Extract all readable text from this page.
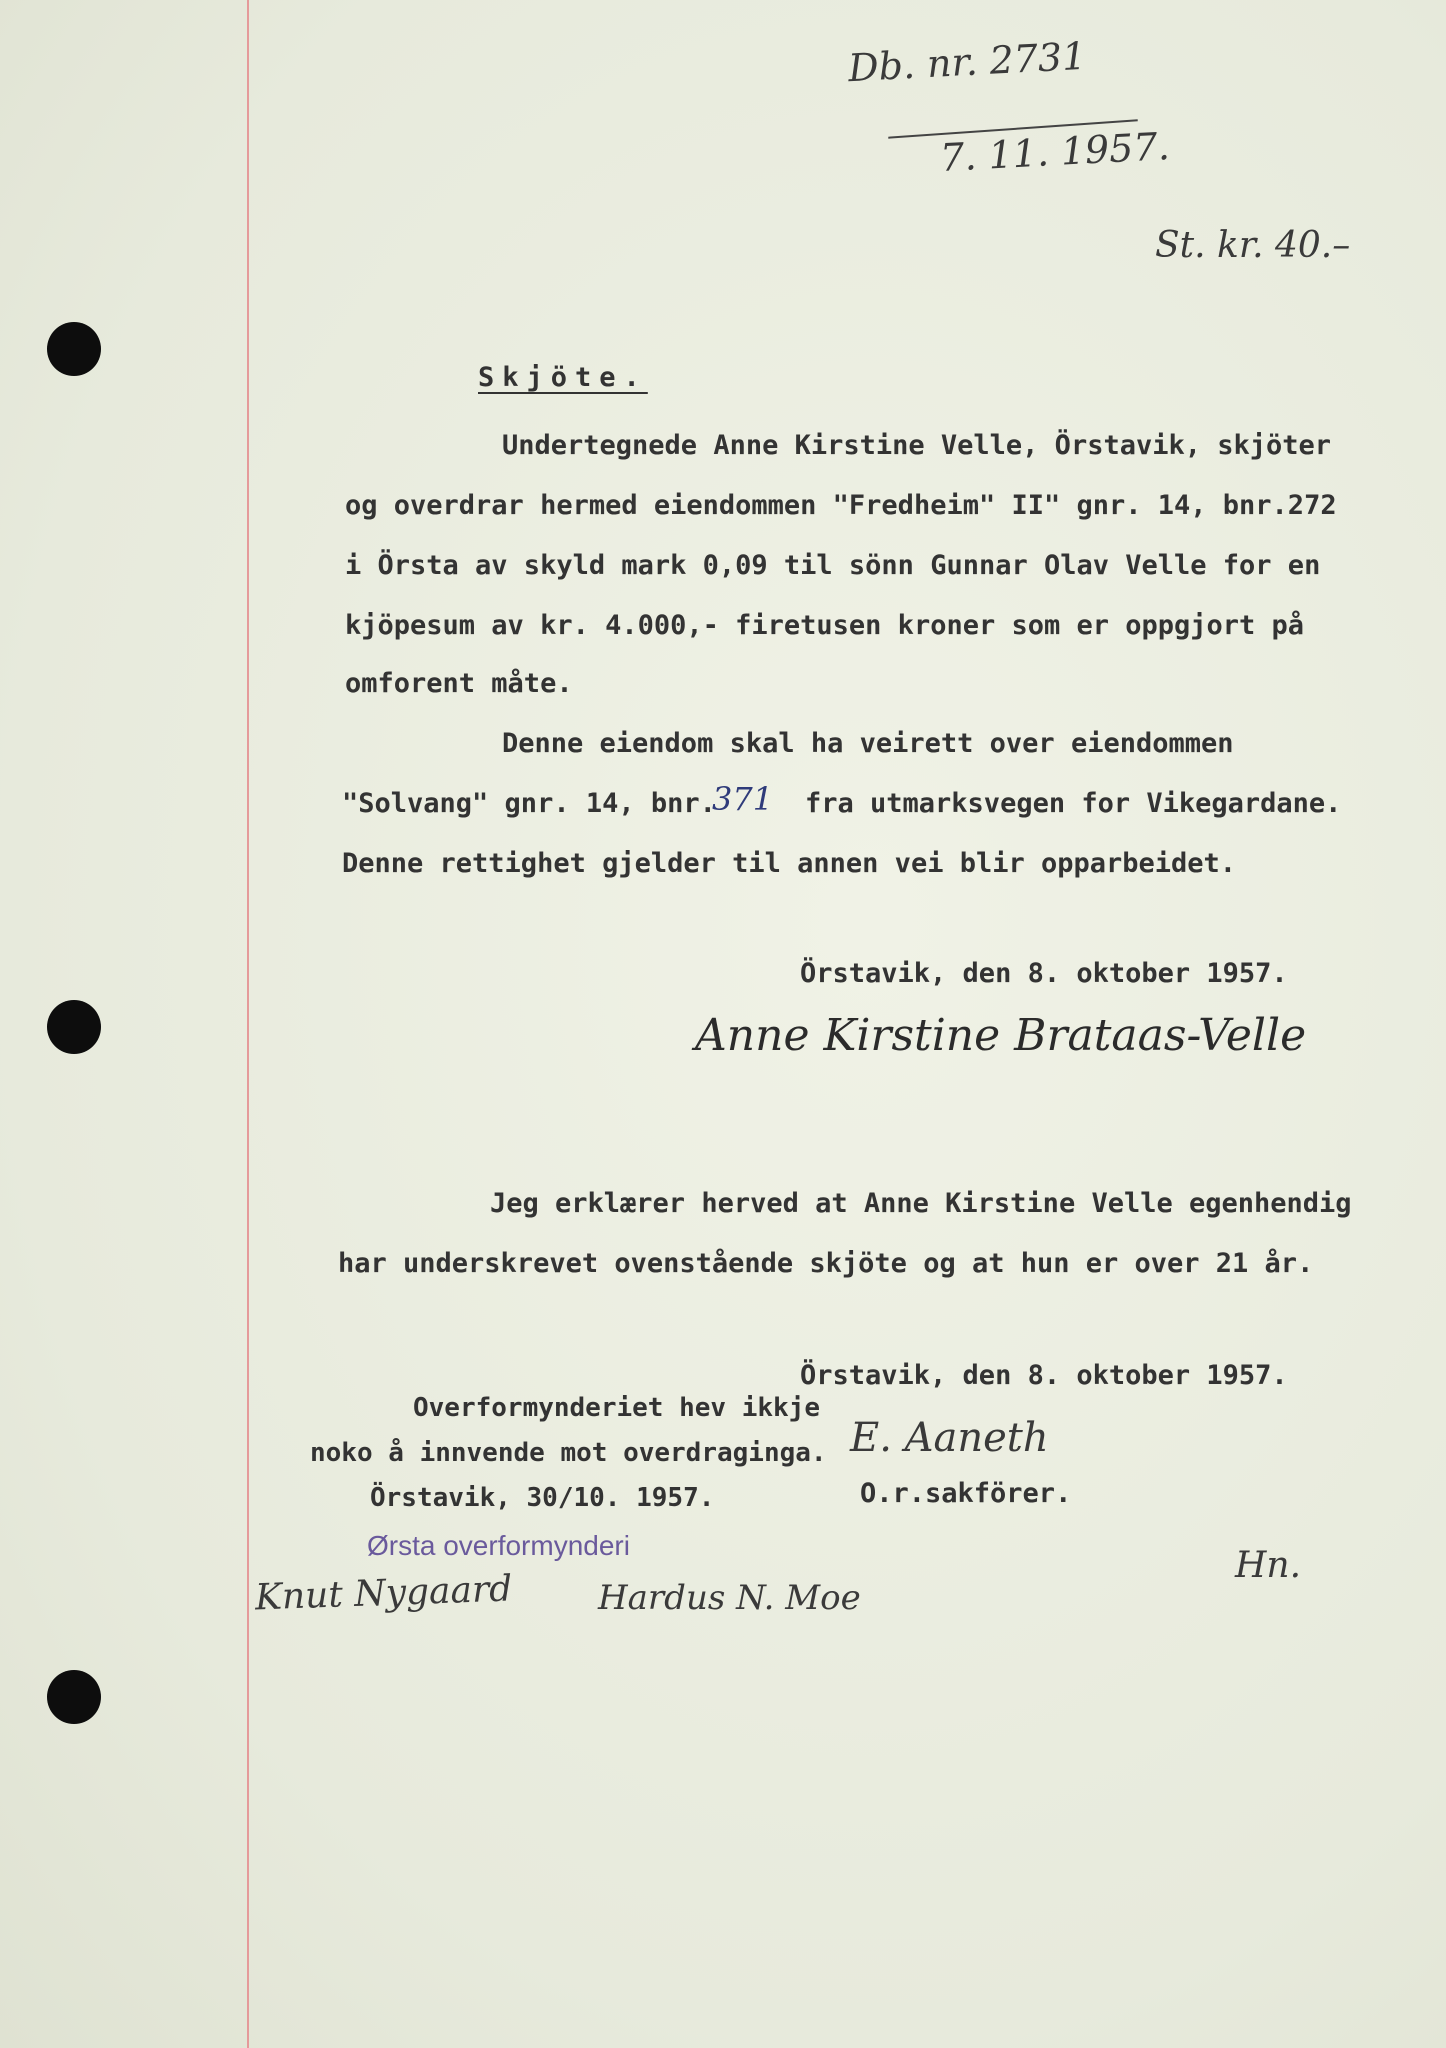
Db. nr. 2731
7. 11. 1957.
St. kr. 40.–
Skjöte.
Undertegnede Anne Kirstine Velle, Örstavik, skjöter
og overdrar hermed eiendommen "Fredheim" II" gnr. 14, bnr.272
i Örsta av skyld mark 0,09 til sönn Gunnar Olav Velle for en
kjöpesum av kr. 4.000,- firetusen kroner som er oppgjort på
omforent måte.
Denne eiendom skal ha veirett over eiendommen
"Solvang" gnr. 14, bnr.
371 fra utmarksvegen for Vikegardane.
Denne rettighet gjelder til annen vei blir opparbeidet.
Örstavik, den 8. oktober 1957.
Anne Kirstine Brataas-Velle
Jeg erklærer herved at Anne Kirstine Velle egenhendig
har underskrevet ovenstående skjöte og at hun er over 21 år.
Örstavik, den 8. oktober 1957.
E. Aaneth
O.r.sakförer.
Hn.
Overformynderiet hev ikkje
noko å innvende mot overdraginga.
Örstavik, 30/10. 1957.
Ørsta overformynderi
Knut Nygaard	Hardus N. Moe
